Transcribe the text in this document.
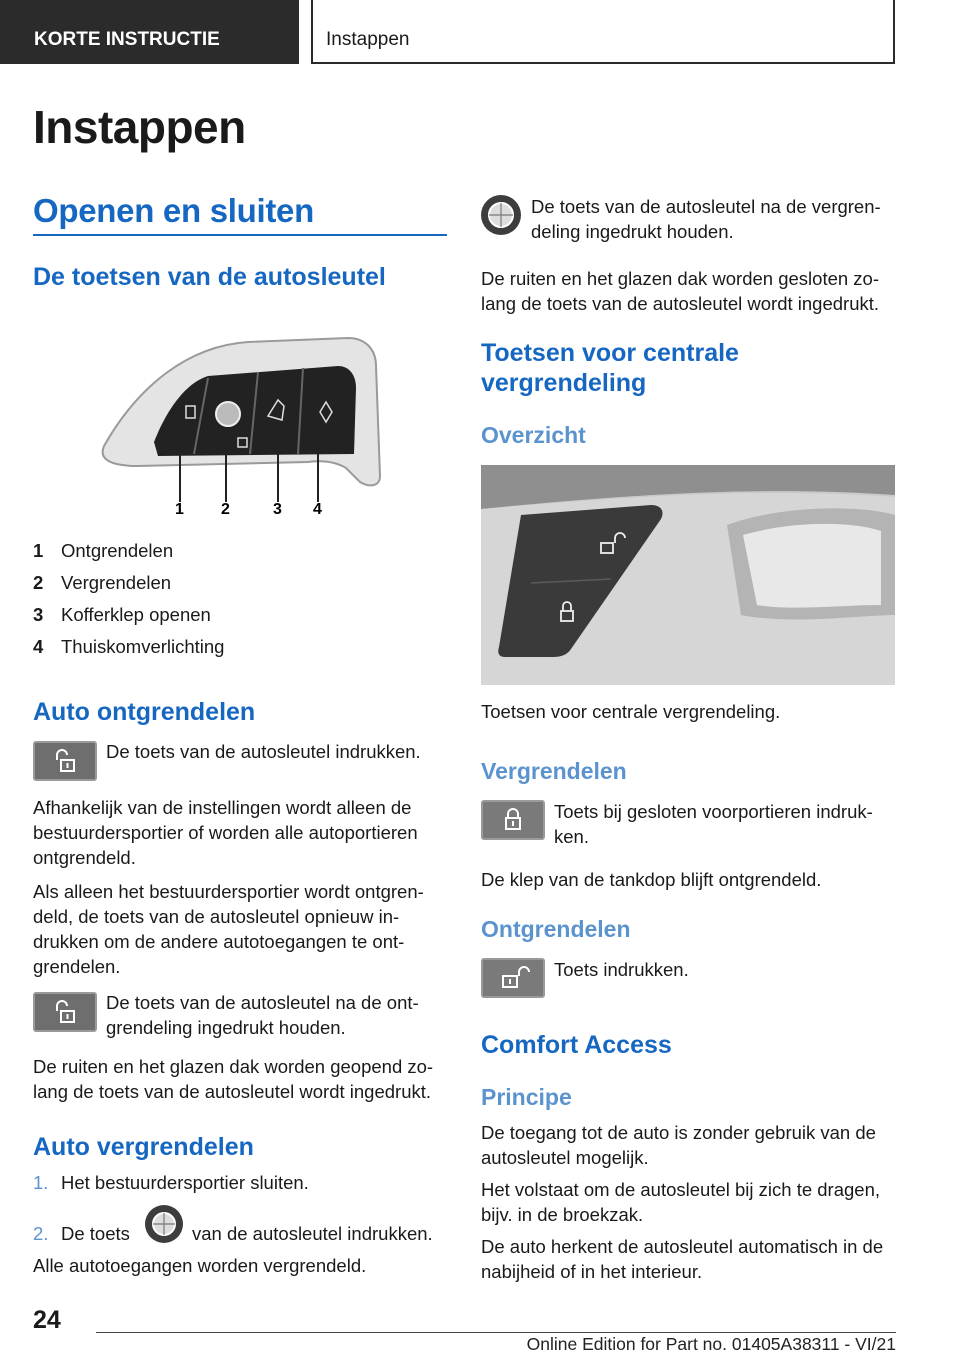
KORTE INSTRUCTIE	Instappen
Instappen
Openen en sluiten
De toetsen van de autosleutel
1 2	3 4
1 Ontgrendelen
2 Vergrendelen
3 Kofferklep openen
4 Thuiskomverlichting
Auto ontgrendelen
De toets van de autosleutel indrukken.
Afhankelijk van de instellingen wordt alleen de bestuurdersportier of worden alle autoportieren ontgrendeld.
Als alleen het bestuurdersportier wordt ontgren-deld, de toets van de autosleutel opnieuw in-drukken om de andere autotoegangen te ont-grendelen.
De toets van de autosleutel na de ont-grendeling ingedrukt houden.
De ruiten en het glazen dak worden geopend zo-lang de toets van de autosleutel wordt ingedrukt.
Auto vergrendelen
1. Het bestuurdersportier sluiten.
2. De toets	van de autosleutel indrukken.
Alle autotoegangen worden vergrendeld.
De toets van de autosleutel na de vergren-deling ingedrukt houden.
De ruiten en het glazen dak worden gesloten zo-lang de toets van de autosleutel wordt ingedrukt.
Toetsen voor centrale vergrendeling
Overzicht
Toetsen voor centrale vergrendeling.
Vergrendelen
Toets bij gesloten voorportieren indruk-ken.
De klep van de tankdop blijft ontgrendeld.
Ontgrendelen
Toets indrukken.
Comfort Access
Principe
De toegang tot de auto is zonder gebruik van de autosleutel mogelijk.
Het volstaat om de autosleutel bij zich te dragen, bijv. in de broekzak.
De auto herkent de autosleutel automatisch in de nabijheid of in het interieur.
24
Online Edition for Part no. 01405A38311 - VI/21
